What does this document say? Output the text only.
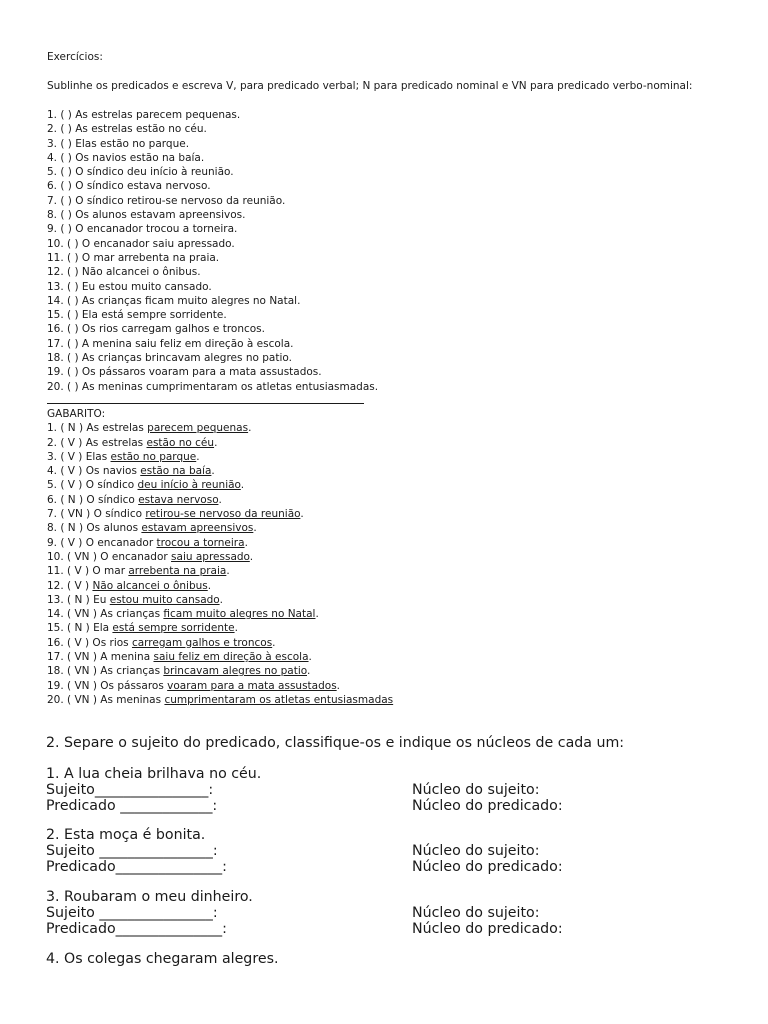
Exercícios:
Sublinhe os predicados e escreva V, para predicado verbal; N para predicado nominal e VN para predicado verbo-nominal:
1. ( ) As estrelas parecem pequenas.
2. ( ) As estrelas estão no céu.
3. ( ) Elas estão no parque.
4. ( ) Os navios estão na baía.
5. ( ) O síndico deu início à reunião.
6. ( ) O síndico estava nervoso.
7. ( ) O síndico retirou-se nervoso da reunião.
8. ( ) Os alunos estavam apreensivos.
9. ( ) O encanador trocou a torneira.
10. ( ) O encanador saiu apressado.
11. ( ) O mar arrebenta na praia.
12. ( ) Não alcancei o ônibus.
13. ( ) Eu estou muito cansado.
14. ( ) As crianças ficam muito alegres no Natal.
15. ( ) Ela está sempre sorridente.
16. ( ) Os rios carregam galhos e troncos.
17. ( ) A menina saiu feliz em direção à escola.
18. ( ) As crianças brincavam alegres no patio.
19. ( ) Os pássaros voaram para a mata assustados.
20. ( ) As meninas cumprimentaram os atletas entusiasmadas.
GABARITO:
1. ( N ) As estrelas parecem pequenas.
2. ( V ) As estrelas estão no céu.
3. ( V ) Elas estão no parque.
4. ( V ) Os navios estão na baía.
5. ( V ) O síndico deu início à reunião.
6. ( N ) O síndico estava nervoso.
7. ( VN ) O síndico retirou-se nervoso da reunião.
8. ( N ) Os alunos estavam apreensivos.
9. ( V ) O encanador trocou a torneira.
10. ( VN ) O encanador saiu apressado.
11. ( V ) O mar arrebenta na praia.
12. ( V ) Não alcancei o ônibus.
13. ( N ) Eu estou muito cansado.
14. ( VN ) As crianças ficam muito alegres no Natal.
15. ( N ) Ela está sempre sorridente.
16. ( V ) Os rios carregam galhos e troncos.
17. ( VN ) A menina saiu feliz em direção à escola.
18. ( VN ) As crianças brincavam alegres no patio.
19. ( VN ) Os pássaros voaram para a mata assustados.
20. ( VN ) As meninas cumprimentaram os atletas entusiasmadas
2. Separe o sujeito do predicado, classifique-os e indique os núcleos de cada um:
1. A lua cheia brilhava no céu.
Sujeito________________:	Núcleo do sujeito:
Predicado _____________:	Núcleo do predicado:
2. Esta moça é bonita.
Sujeito ________________:	Núcleo do sujeito:
Predicado_______________:	Núcleo do predicado:
3. Roubaram o meu dinheiro.
Sujeito ________________:	Núcleo do sujeito:
Predicado_______________:	Núcleo do predicado:
4. Os colegas chegaram alegres.
